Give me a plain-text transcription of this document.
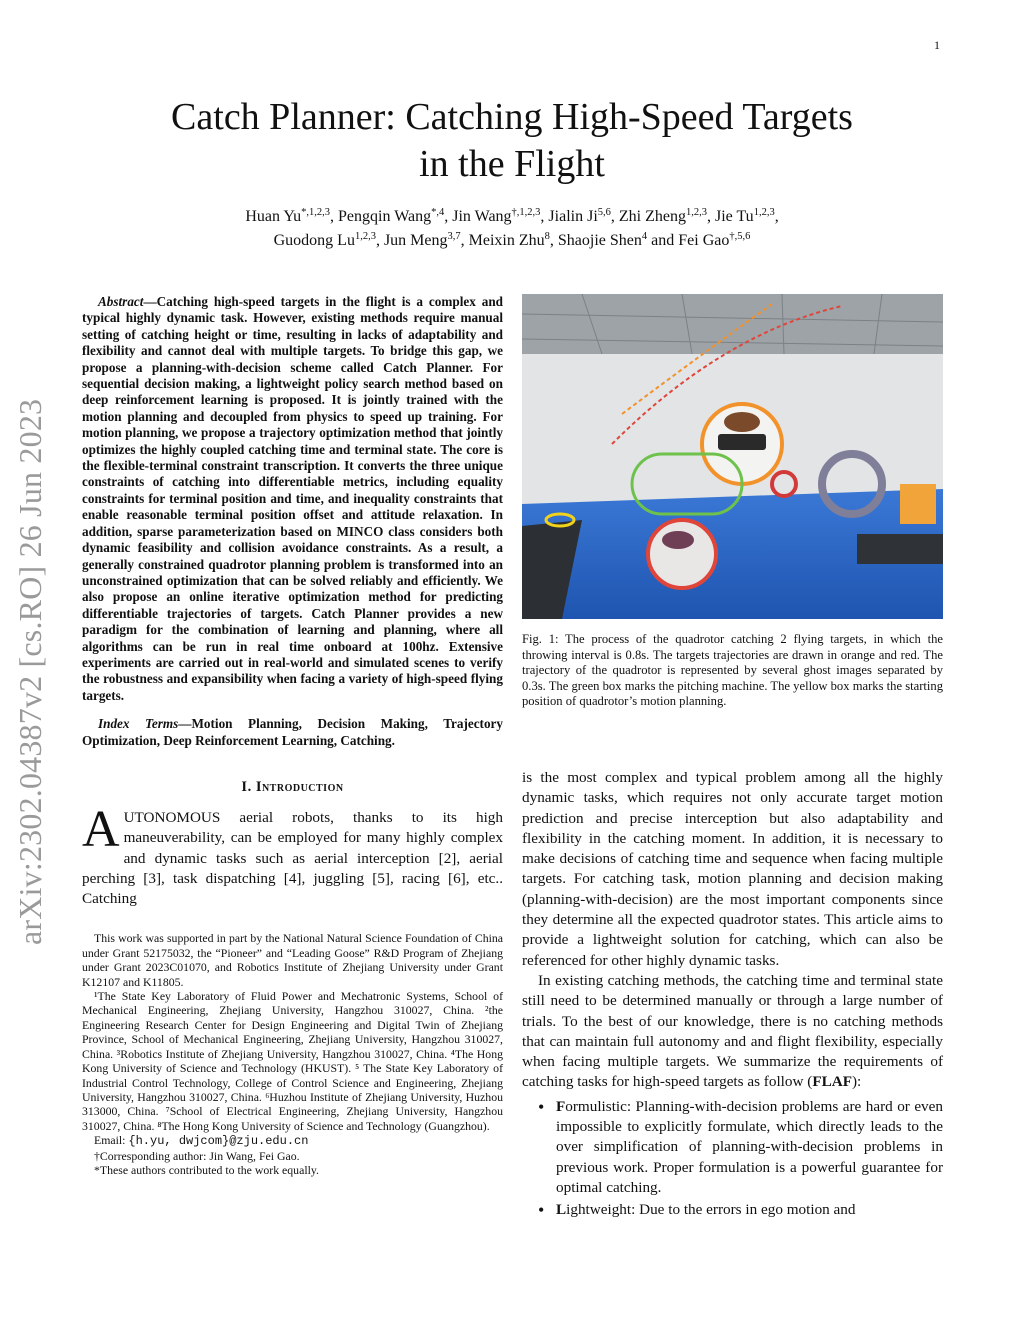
1
arXiv:2302.04387v2 [cs.RO] 26 Jun 2023
Catch Planner: Catching High-Speed Targets in the Flight
Huan $Yu^{*,1,2,3}$, Pengqin Wang$^{*,4}$, Jin Wang$^{\dagger,1,2,3}$, Jialin Ji$^{5,6}$, Zhi Zheng$^{1,2,3}$, Jie Tu$^{1,2,3}$,
Guodong Lu$^{1,2,3}$, Jun Meng$^{3,7}$, Meixin Zhu$^8$, Shaojie Shen$^4$ and Fei Gao$^{\dagger,5,6}$

Abstract—Catching high-speed targets in the flight is a complex and typical highly dynamic task. However, existing methods require manual setting of catching height or time, resulting in lacks of adaptability and flexibility and cannot deal with multiple targets. To bridge this gap, we propose a planning-with-decision scheme called Catch Planner. For sequential decision making, a lightweight policy search method based on deep reinforcement learning is proposed. It is jointly trained with the motion planning and decoupled from physics to speed up training. For motion planning, we propose a trajectory optimization method that jointly optimizes the highly coupled catching time and terminal state. The core is the flexible-terminal constraint transcription. It converts the three unique constraints of catching into differentiable metrics, including equality constraints for terminal position and time, and inequality constraints that enable reasonable terminal position offset and attitude relaxation. In addition, sparse parameterization based on MINCO class considers both dynamic feasibility and collision avoidance constraints. As a result, a generally constrained quadrotor planning problem is transformed into an unconstrained optimization that can be solved reliably and efficiently. We also propose an online iterative optimization method for predicting differentiable trajectories of targets. Catch Planner provides a new paradigm for the combination of learning and planning, where all algorithms can be run in real time onboard at 100hz. Extensive experiments are carried out in real-world and simulated scenes to verify the robustness and expansibility when facing a variety of high-speed flying targets.

Index Terms—Motion Planning, Decision Making, Trajectory Optimization, Deep Reinforcement Learning, Catching.

I. Introduction

AUTONOMOUS aerial robots, thanks to its high maneuverability, can be employed for many highly complex and dynamic tasks such as aerial interception [2], aerial perching [3], task dispatching [4], juggling [5], racing [6], etc.. Catching

This work was supported in part by the National Natural Science Foundation of China under Grant 52175032, the “Pioneer” and “Leading Goose” R&D Program of Zhejiang under Grant 2023C01070, and Robotics Institute of Zhejiang University under Grant K12107 and K11805.

¹The State Key Laboratory of Fluid Power and Mechatronic Systems, School of Mechanical Engineering, Zhejiang University, Hangzhou 310027, China. ²the Engineering Research Center for Design Engineering and Digital Twin of Zhejiang Province, School of Mechanical Engineering, Zhejiang University, Hangzhou 310027, China. ³Robotics Institute of Zhejiang University, Hangzhou 310027, China. ⁴The Hong Kong University of Science and Technology (HKUST). ⁵ The State Key Laboratory of Industrial Control Technology, College of Control Science and Engineering, Zhejiang University, Hangzhou 310027, China. ⁶Huzhou Institute of Zhejiang University, Huzhou 313000, China. ⁷School of Electrical Engineering, Zhejiang University, Hangzhou 310027, China. ⁸The Hong Kong University of Science and Technology (Guangzhou).

Email: {h.yu, dwjcom}@zju.edu.cn

†Corresponding author: Jin Wang, Fei Gao.

*These authors contributed to the work equally.

Fig. 1: The process of the quadrotor catching 2 flying targets, in which the throwing interval is 0.8s. The targets trajectories are drawn in orange and red. The trajectory of the quadrotor is represented by several ghost images separated by 0.3s. The green box marks the pitching machine. The yellow box marks the starting position of quadrotor’s motion planning.

is the most complex and typical problem among all the highly dynamic tasks, which requires not only accurate target motion prediction and precise interception but also adaptability and flexibility in the catching moment. In addition, it is necessary to make decisions of catching time and sequence when facing multiple targets. For catching task, motion planning and decision making (planning-with-decision) are the most important components since they determine all the expected quadrotor states. This article aims to provide a lightweight solution for catching, which can also be referenced for other highly dynamic tasks.

In existing catching methods, the catching time and terminal state still need to be determined manually or through a large number of trials. To the best of our knowledge, there is no catching methods that can maintain full autonomy and and flight flexibility, especially when facing multiple targets. We summarize the requirements of catching tasks for high-speed targets as follow (FLAF):

• Formulistic: Planning-with-decision problems are hard or even impossible to explicitly formulate, which directly leads to the over simplification of planning-with-decision problems in previous work. Proper formulation is a powerful guarantee for optimal catching.
• Lightweight: Due to the errors in ego motion and
